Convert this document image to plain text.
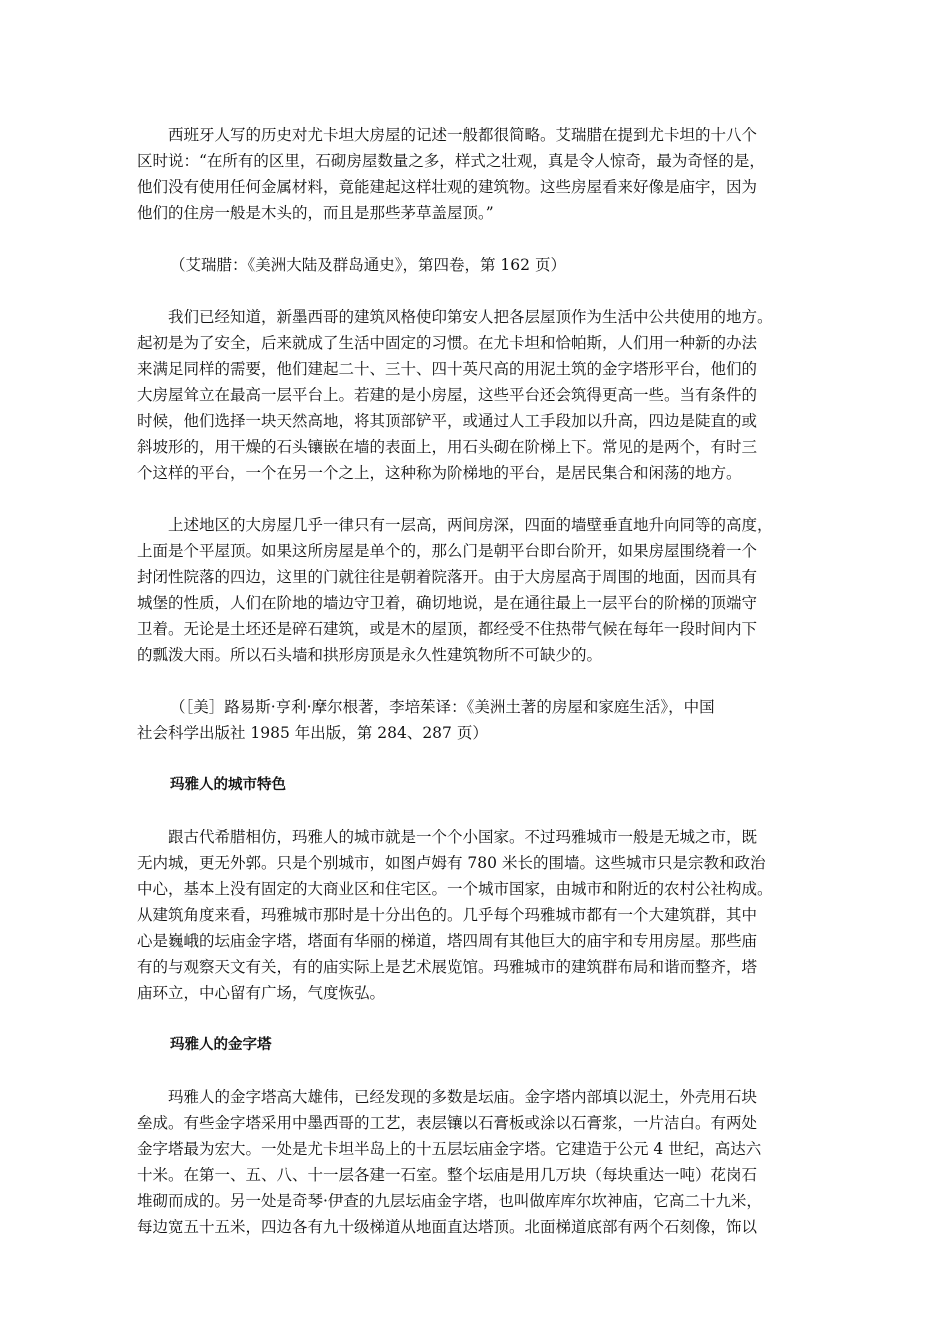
西班牙人写的历史对尤卡坦大房屋的记述一般都很简略。艾瑞腊在提到尤卡坦的十八个
区时说：“在所有的区里，石砌房屋数量之多，样式之壮观，真是令人惊奇，最为奇怪的是，
他们没有使用任何金属材料，竟能建起这样壮观的建筑物。这些房屋看来好像是庙宇，因为
他们的住房一般是木头的，而且是那些茅草盖屋顶。”

（艾瑞腊：《美洲大陆及群岛通史》，第四卷，第 162 页）

我们已经知道，新墨西哥的建筑风格使印第安人把各层屋顶作为生活中公共使用的地方。
起初是为了安全，后来就成了生活中固定的习惯。在尤卡坦和恰帕斯，人们用一种新的办法
来满足同样的需要，他们建起二十、三十、四十英尺高的用泥土筑的金字塔形平台，他们的
大房屋耸立在最高一层平台上。若建的是小房屋，这些平台还会筑得更高一些。当有条件的
时候，他们选择一块天然高地，将其顶部铲平，或通过人工手段加以升高，四边是陡直的或
斜坡形的，用干燥的石头镶嵌在墙的表面上，用石头砌在阶梯上下。常见的是两个，有时三
个这样的平台，一个在另一个之上，这种称为阶梯地的平台，是居民集合和闲荡的地方。

上述地区的大房屋几乎一律只有一层高，两间房深，四面的墙壁垂直地升向同等的高度，
上面是个平屋顶。如果这所房屋是单个的，那么门是朝平台即台阶开，如果房屋围绕着一个
封闭性院落的四边，这里的门就往往是朝着院落开。由于大房屋高于周围的地面，因而具有
城堡的性质，人们在阶地的墙边守卫着，确切地说，是在通往最上一层平台的阶梯的顶端守
卫着。无论是土坯还是碎石建筑，或是木的屋顶，都经受不住热带气候在每年一段时间内下
的瓢泼大雨。所以石头墙和拱形房顶是永久性建筑物所不可缺少的。

（［美］路易斯·亨利·摩尔根著，李培茱译：《美洲土著的房屋和家庭生活》，中国
社会科学出版社 1985 年出版，第 284、287 页）

玛雅人的城市特色

跟古代希腊相仿，玛雅人的城市就是一个个小国家。不过玛雅城市一般是无城之市，既
无内城，更无外郭。只是个别城市，如图卢姆有 780 米长的围墙。这些城市只是宗教和政治
中心，基本上没有固定的大商业区和住宅区。一个城市国家，由城市和附近的农村公社构成。
从建筑角度来看，玛雅城市那时是十分出色的。几乎每个玛雅城市都有一个大建筑群，其中
心是巍峨的坛庙金字塔，塔面有华丽的梯道，塔四周有其他巨大的庙宇和专用房屋。那些庙
有的与观察天文有关，有的庙实际上是艺术展览馆。玛雅城市的建筑群布局和谐而整齐，塔
庙环立，中心留有广场，气度恢弘。

玛雅人的金字塔

玛雅人的金字塔高大雄伟，已经发现的多数是坛庙。金字塔内部填以泥土，外壳用石块
垒成。有些金字塔采用中墨西哥的工艺，表层镶以石膏板或涂以石膏浆，一片洁白。有两处
金字塔最为宏大。一处是尤卡坦半岛上的十五层坛庙金字塔。它建造于公元 4 世纪，高达六
十米。在第一、五、八、十一层各建一石室。整个坛庙是用几万块（每块重达一吨）花岗石
堆砌而成的。另一处是奇琴·伊查的九层坛庙金字塔，也叫做库库尔坎神庙，它高二十九米，
每边宽五十五米，四边各有九十级梯道从地面直达塔顶。北面梯道底部有两个石刻像，饰以
